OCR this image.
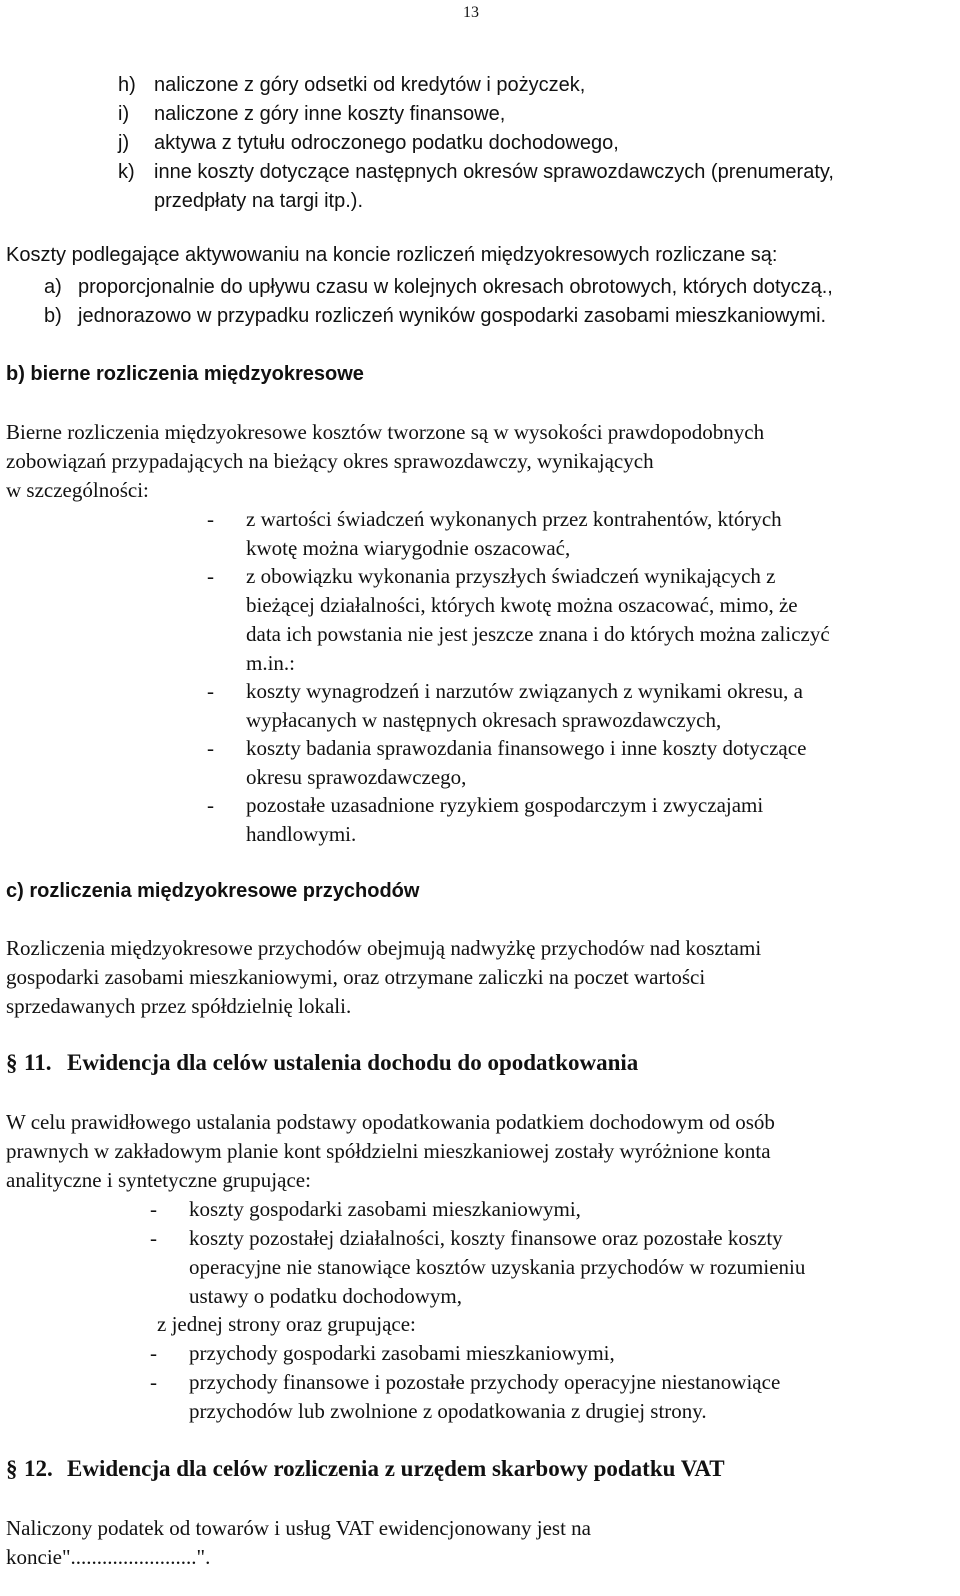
13
h) naliczone z góry odsetki od kredytów i pożyczek,
i) naliczone z góry inne koszty finansowe,
j) aktywa z tytułu odroczonego podatku dochodowego,
k) inne koszty dotyczące następnych okresów sprawozdawczych (prenumeraty,
przedpłaty na targi itp.).
Koszty podlegające aktywowaniu na koncie rozliczeń międzyokresowych rozliczane są:
a) proporcjonalnie do upływu czasu w kolejnych okresach obrotowych, których dotyczą.,
b) jednorazowo w przypadku rozliczeń wyników gospodarki zasobami mieszkaniowymi.
b) bierne rozliczenia międzyokresowe
Bierne rozliczenia międzyokresowe kosztów tworzone są w wysokości prawdopodobnych
zobowiązań przypadających na bieżący okres sprawozdawczy, wynikających
w szczególności:
- z wartości świadczeń wykonanych przez kontrahentów, których
kwotę można wiarygodnie oszacować,
- z obowiązku wykonania przyszłych świadczeń wynikających z
bieżącej działalności, których kwotę można oszacować, mimo, że
data ich powstania nie jest jeszcze znana i do których można zaliczyć
m.in.:
- koszty wynagrodzeń i narzutów związanych z wynikami okresu, a
wypłacanych w następnych okresach sprawozdawczych,
- koszty badania sprawozdania finansowego i inne koszty dotyczące
okresu sprawozdawczego,
- pozostałe uzasadnione ryzykiem gospodarczym i zwyczajami
handlowymi.
c) rozliczenia międzyokresowe przychodów
Rozliczenia międzyokresowe przychodów obejmują nadwyżkę przychodów nad kosztami
gospodarki zasobami mieszkaniowymi, oraz otrzymane zaliczki na poczet wartości
sprzedawanych przez spółdzielnię lokali.
§ 11. Ewidencja dla celów ustalenia dochodu do opodatkowania
W celu prawidłowego ustalania podstawy opodatkowania podatkiem dochodowym od osób
prawnych w zakładowym planie kont spółdzielni mieszkaniowej zostały wyróżnione konta
analityczne i syntetyczne grupujące:
- koszty gospodarki zasobami mieszkaniowymi,
- koszty pozostałej działalności, koszty finansowe oraz pozostałe koszty
operacyjne nie stanowiące kosztów uzyskania przychodów w rozumieniu
ustawy o podatku dochodowym,
z jednej strony oraz grupujące:
- przychody gospodarki zasobami mieszkaniowymi,
- przychody finansowe i pozostałe przychody operacyjne niestanowiące
przychodów lub zwolnione z opodatkowania z drugiej strony.
§ 12. Ewidencja dla celów rozliczenia z urzędem skarbowy podatku VAT
Naliczony podatek od towarów i usług VAT ewidencjonowany jest na
koncie"........................".
